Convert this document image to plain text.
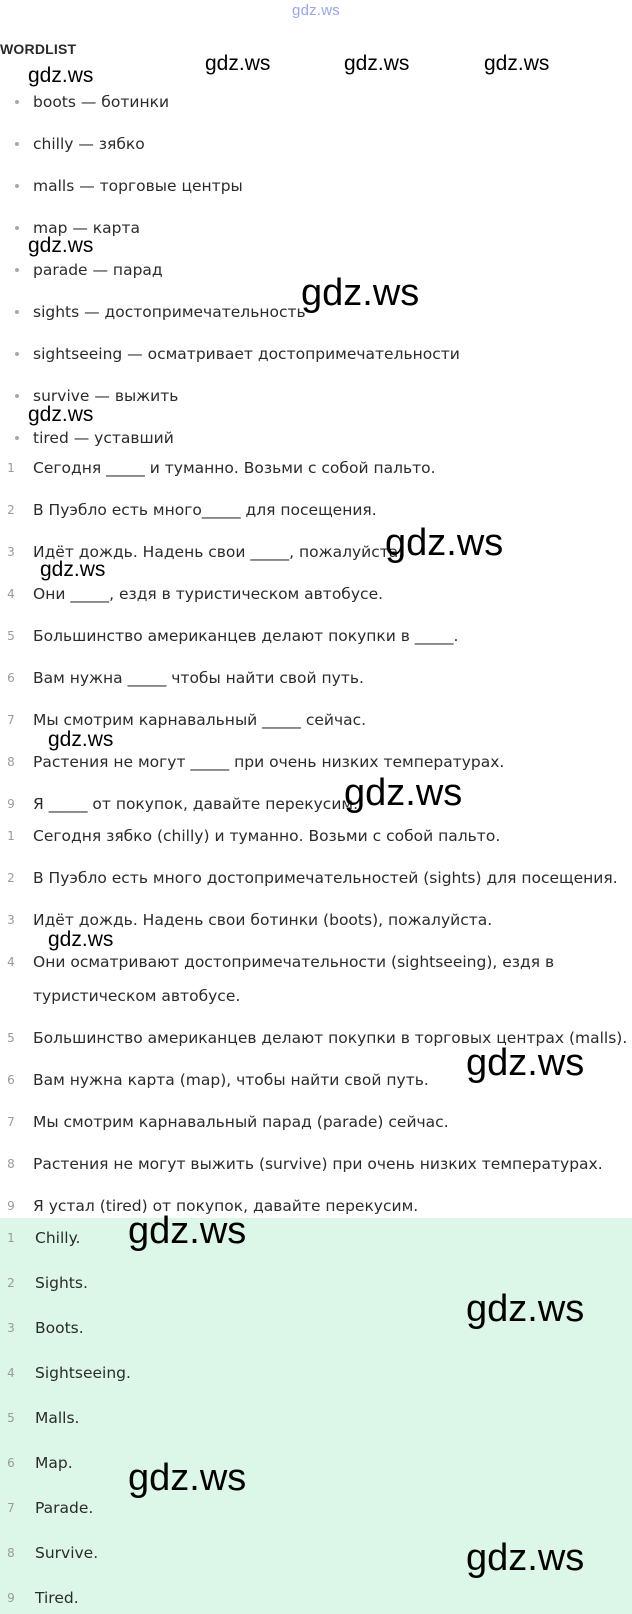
gdz.ws
WORDLIST
boots — ботинки
chilly — зябко
malls — торговые центры
map — карта
parade — парад
sights — достопримечательность
sightseeing — осматривает достопримечательности
survive — выжить
tired — уставший
1	Сегодня _____ и туманно. Возьми с собой пальто.
2	В Пуэбло есть много_____ для посещения.
3	Идёт дождь. Надень свои _____, пожалуйста.
4	Они _____, ездя в туристическом автобусе.
5	Большинство американцев делают покупки в _____.
6	Вам нужна _____ чтобы найти свой путь.
7	Мы смотрим карнавальный _____ сейчас.
8	Растения не могут _____ при очень низких температурах.
9	Я _____ от покупок, давайте перекусим.
1	Сегодня зябко (chilly) и туманно. Возьми с собой пальто.
2	В Пуэбло есть много достопримечательностей (sights) для посещения.
3	Идёт дождь. Надень свои ботинки (boots), пожалуйста.
4	Они осматривают достопримечательности (sightseeing), ездя в
туристическом автобусе.
5	Большинство американцев делают покупки в торговых центрах (malls).
6	Вам нужна карта (map), чтобы найти свой путь.
7	Мы смотрим карнавальный парад (parade) сейчас.
8	Растения не могут выжить (survive) при очень низких температурах.
9	Я устал (tired) от покупок, давайте перекусим.
1	Chilly.
2	Sights.
3	Boots.
4	Sightseeing.
5	Malls.
6	Map.
7	Parade.
8	Survive.
9	Tired.
gdz.ws
gdz.ws	gdz.ws	gdz.ws
gdz.ws
gdz.ws
gdz.ws
gdz.ws
gdz.ws
gdz.ws
gdz.ws
gdz.ws
gdz.ws
gdz.ws
gdz.ws
gdz.ws
gdz.ws
